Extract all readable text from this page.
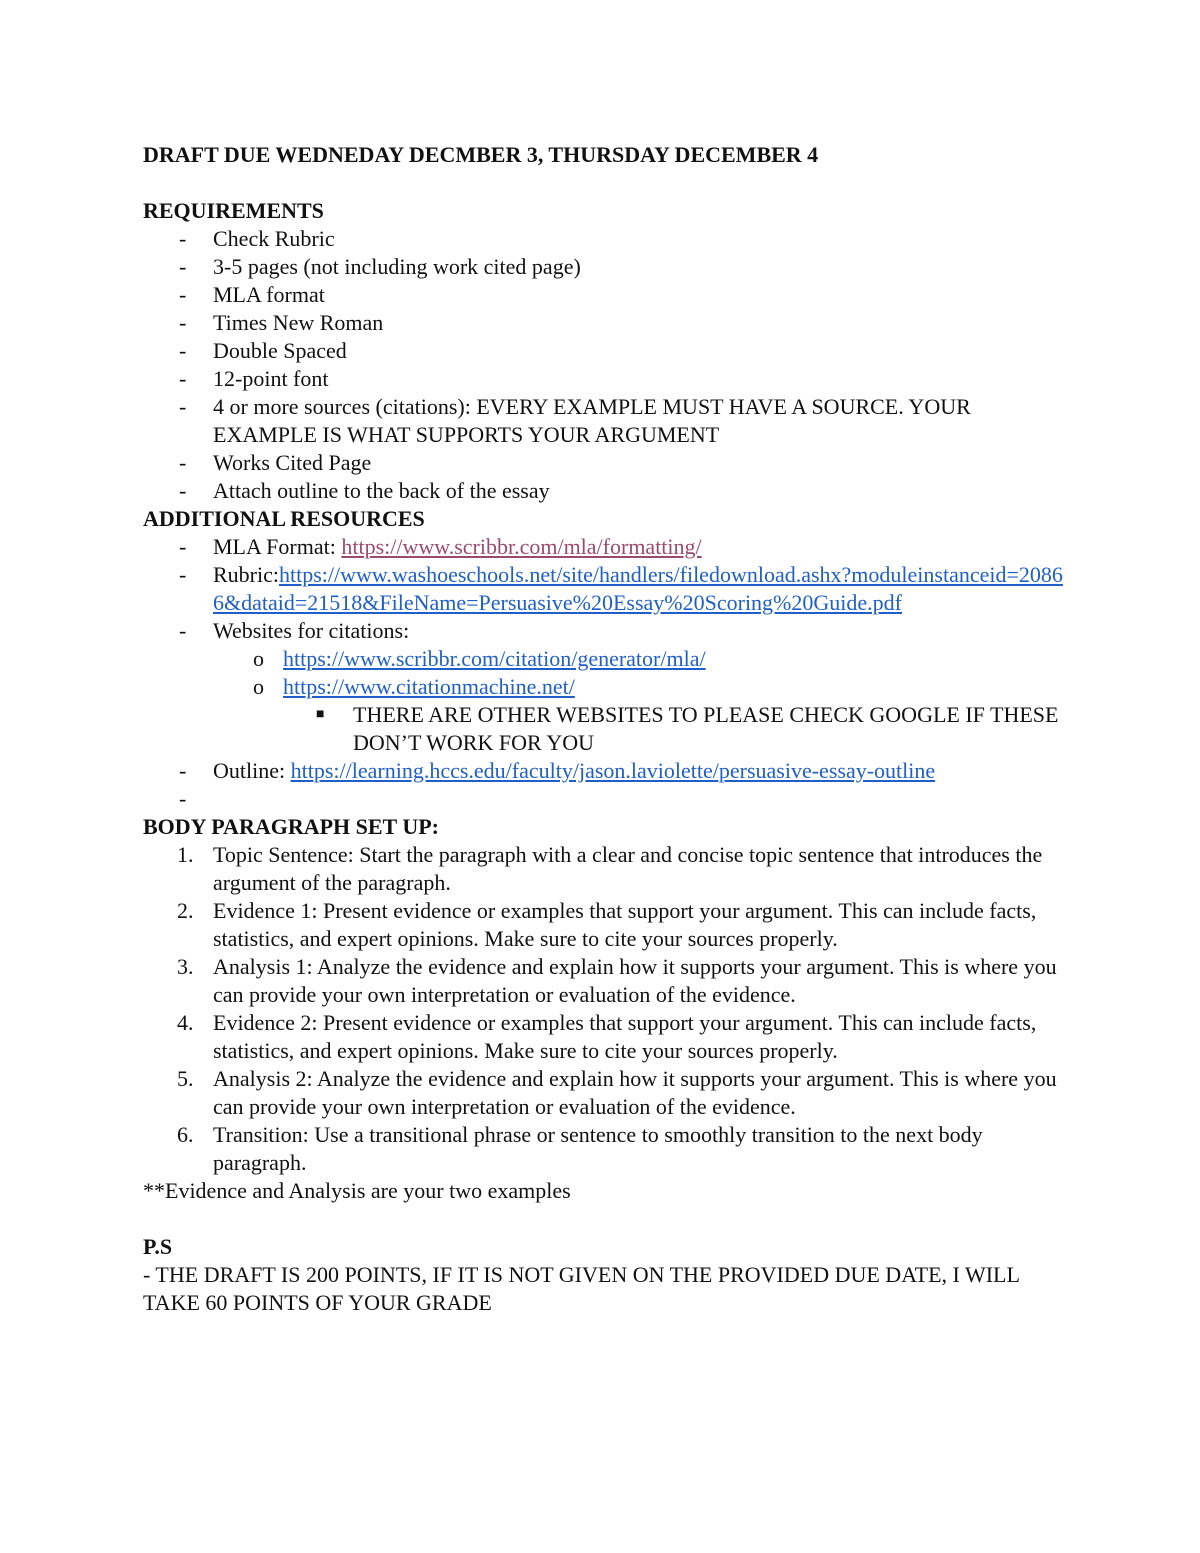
DRAFT DUE WEDNEDAY DECMBER 3, THURSDAY DECEMBER 4

REQUIREMENTS

- Check Rubric
- 3-5 pages (not including work cited page)
- MLA format
- Times New Roman
- Double Spaced
- 12-point font
- 4 or more sources (citations): EVERY EXAMPLE MUST HAVE A SOURCE. YOUR EXAMPLE IS WHAT SUPPORTS YOUR ARGUMENT
- Works Cited Page
- Attach outline to the back of the essay

ADDITIONAL RESOURCES

- MLA Format: https://www.scribbr.com/mla/formatting/
- Rubric:https://www.washoeschools.net/site/handlers/filedownload.ashx?moduleinstanceid=20866&dataid=21518&FileName=Persuasive%20Essay%20Scoring%20Guide.pdf
- Websites for citations:
o https://www.scribbr.com/citation/generator/mla/
o https://www.citationmachine.net/
■ THERE ARE OTHER WEBSITES TO PLEASE CHECK GOOGLE IF THESE DON’T WORK FOR YOU
- Outline: https://learning.hccs.edu/faculty/jason.laviolette/persuasive-essay-outline
-

BODY PARAGRAPH SET UP:

1. Topic Sentence: Start the paragraph with a clear and concise topic sentence that introduces the argument of the paragraph.
2. Evidence 1: Present evidence or examples that support your argument. This can include facts, statistics, and expert opinions. Make sure to cite your sources properly.
3. Analysis 1: Analyze the evidence and explain how it supports your argument. This is where you can provide your own interpretation or evaluation of the evidence.
4. Evidence 2: Present evidence or examples that support your argument. This can include facts, statistics, and expert opinions. Make sure to cite your sources properly.
5. Analysis 2: Analyze the evidence and explain how it supports your argument. This is where you can provide your own interpretation or evaluation of the evidence.
6. Transition: Use a transitional phrase or sentence to smoothly transition to the next body paragraph.

**Evidence and Analysis are your two examples

P.S

- THE DRAFT IS 200 POINTS, IF IT IS NOT GIVEN ON THE PROVIDED DUE DATE, I WILL TAKE 60 POINTS OF YOUR GRADE
